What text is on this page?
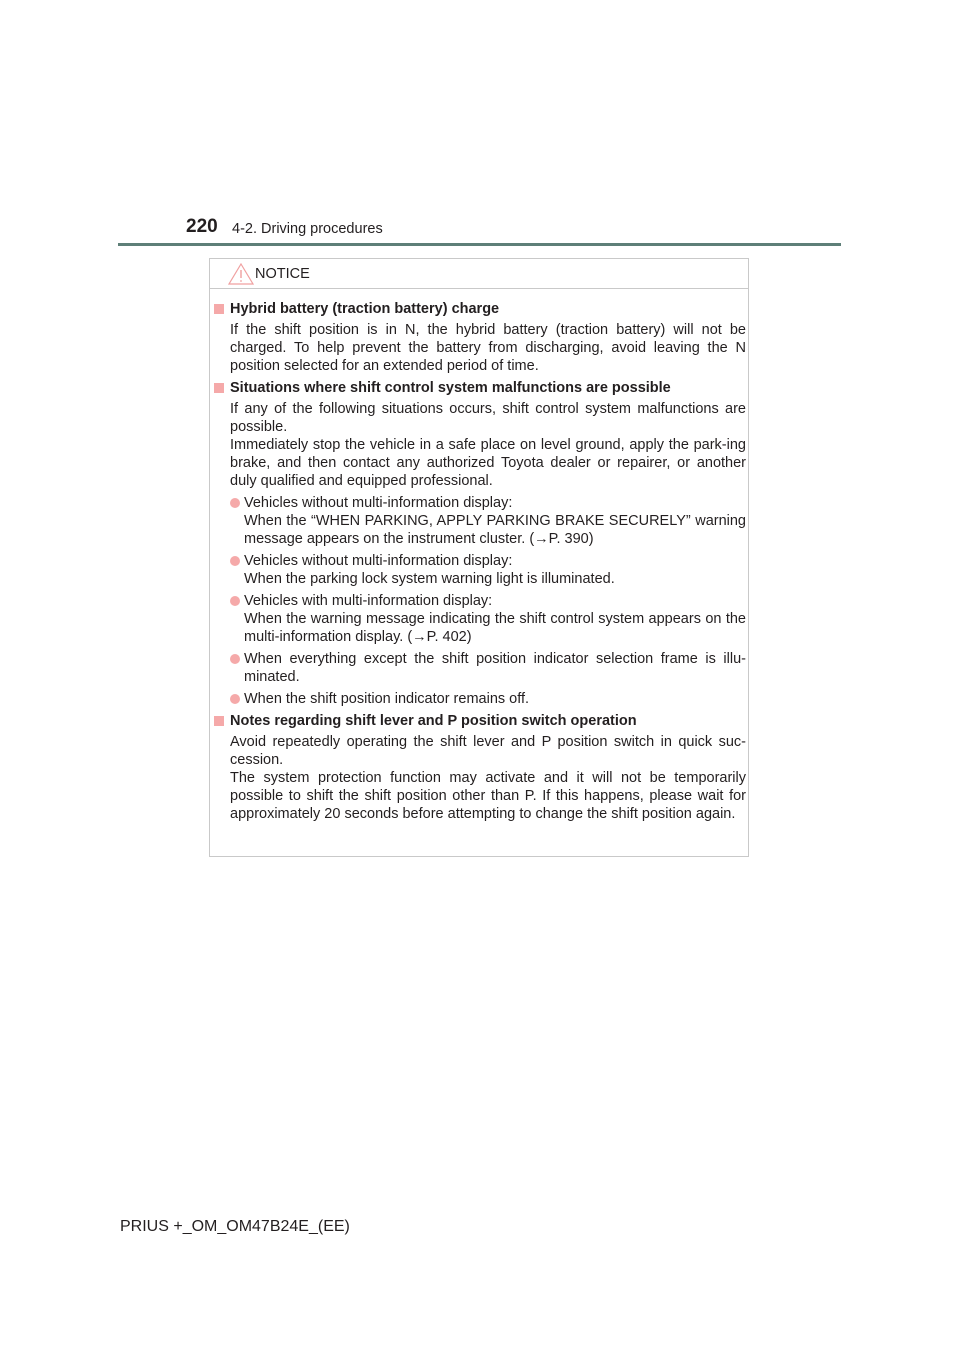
220 4-2. Driving procedures
NOTICE
Hybrid battery (traction battery) charge

If the shift position is in N, the hybrid battery (traction battery) will not be charged. To help prevent the battery from discharging, avoid leaving the N position selected for an extended period of time.

Situations where shift control system malfunctions are possible

If any of the following situations occurs, shift control system malfunctions are possible.

Immediately stop the vehicle in a safe place on level ground, apply the park-ing brake, and then contact any authorized Toyota dealer or repairer, or another duly qualified and equipped professional.

Vehicles without multi-information display:
When the “WHEN PARKING, APPLY PARKING BRAKE SECURELY” warning message appears on the instrument cluster. (→P. 390)
Vehicles without multi-information display:
When the parking lock system warning light is illuminated.
Vehicles with multi-information display:
When the warning message indicating the shift control system appears on the multi-information display. (→P. 402)
When everything except the shift position indicator selection frame is illu-minated.
When the shift position indicator remains off.
Notes regarding shift lever and P position switch operation

Avoid repeatedly operating the shift lever and P position switch in quick suc-cession.

The system protection function may activate and it will not be temporarily possible to shift the shift position other than P. If this happens, please wait for approximately 20 seconds before attempting to change the shift position again.

PRIUS +_OM_OM47B24E_(EE)
